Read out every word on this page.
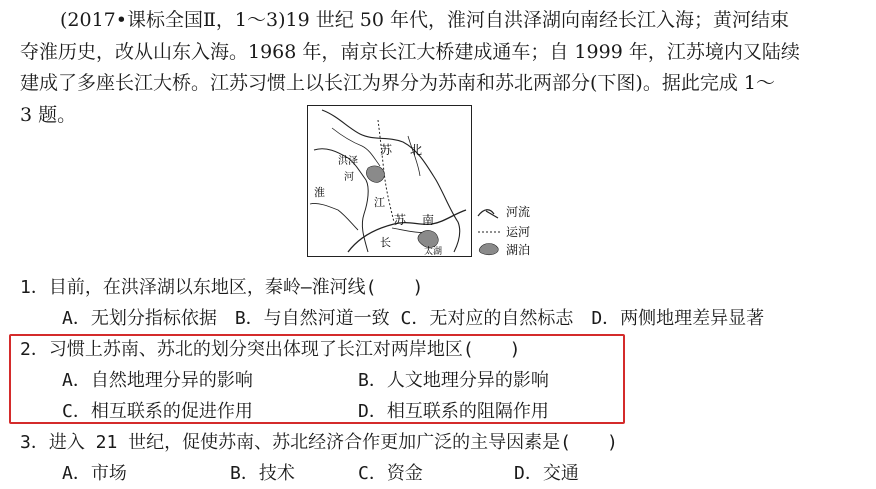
(2017•课标全国Ⅱ，1～3)19 世纪 50 年代，淮河自洪泽湖向南经长江入海；黄河结束
夺淮历史，改从山东入海。1968 年，南京长江大桥建成通车；自 1999 年，江苏境内又陆续
建成了多座长江大桥。江苏习惯上以长江为界分为苏南和苏北两部分(下图)。据此完成 1～
3 题。
苏 北
洪泽
河
淮
江
苏 南
长
太湖
河流
运河
湖泊
1．目前，在洪泽湖以东地区，秦岭—淮河线(　　)
A．无划分指标依据　B．与自然河道一致 C．无对应的自然标志　D．两侧地理差异显著
2．习惯上苏南、苏北的划分突出体现了长江对两岸地区(　　)
A．自然地理分异的影响	B．人文地理分异的影响
C．相互联系的促进作用	D．相互联系的阻隔作用
3．进入 21 世纪，促使苏南、苏北经济合作更加广泛的主导因素是(　　)
A．市场	B．技术	C．资金	D．交通
